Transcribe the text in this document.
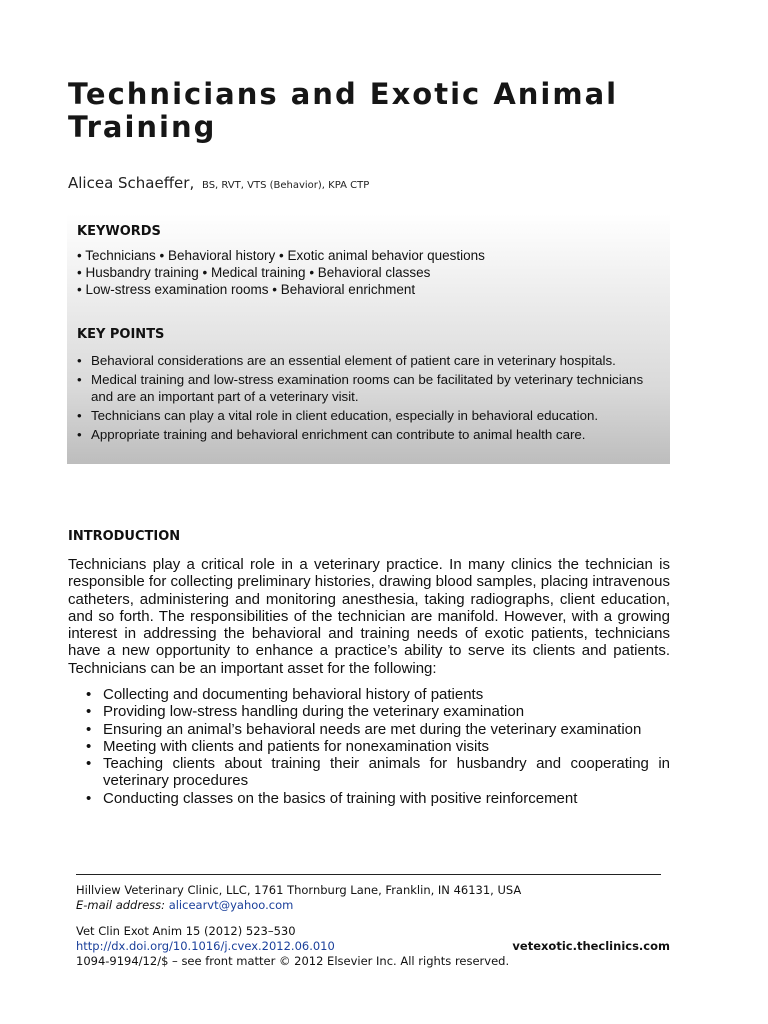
Technicians and Exotic Animal
Training
Alicea Schaeffer, BS, RVT, VTS (Behavior), KPA CTP
KEYWORDS
• Technicians • Behavioral history • Exotic animal behavior questions
• Husbandry training • Medical training • Behavioral classes
• Low-stress examination rooms • Behavioral enrichment
KEY POINTS
• Behavioral considerations are an essential element of patient care in veterinary hospitals.
• Medical training and low-stress examination rooms can be facilitated by veterinary technicians and are an important part of a veterinary visit.
• Technicians can play a vital role in client education, especially in behavioral education.
• Appropriate training and behavioral enrichment can contribute to animal health care.
INTRODUCTION

Technicians play a critical role in a veterinary practice. In many clinics the technician is responsible for collecting preliminary histories, drawing blood samples, placing intravenous catheters, administering and monitoring anesthesia, taking radiographs, client education, and so forth. The responsibilities of the technician are manifold. However, with a growing interest in addressing the behavioral and training needs of exotic patients, technicians have a new opportunity to enhance a practice’s ability to serve its clients and patients. Technicians can be an important asset for the following:

• Collecting and documenting behavioral history of patients
• Providing low-stress handling during the veterinary examination
• Ensuring an animal’s behavioral needs are met during the veterinary examination
• Meeting with clients and patients for nonexamination visits
• Teaching clients about training their animals for husbandry and cooperating in veterinary procedures
• Conducting classes on the basics of training with positive reinforcement
Hillview Veterinary Clinic, LLC, 1761 Thornburg Lane, Franklin, IN 46131, USA
E-mail address: alicearvt@yahoo.com
Vet Clin Exot Anim 15 (2012) 523–530
http://dx.doi.org/10.1016/j.cvex.2012.06.010	vetexotic.theclinics.com
1094-9194/12/$ – see front matter © 2012 Elsevier Inc. All rights reserved.
